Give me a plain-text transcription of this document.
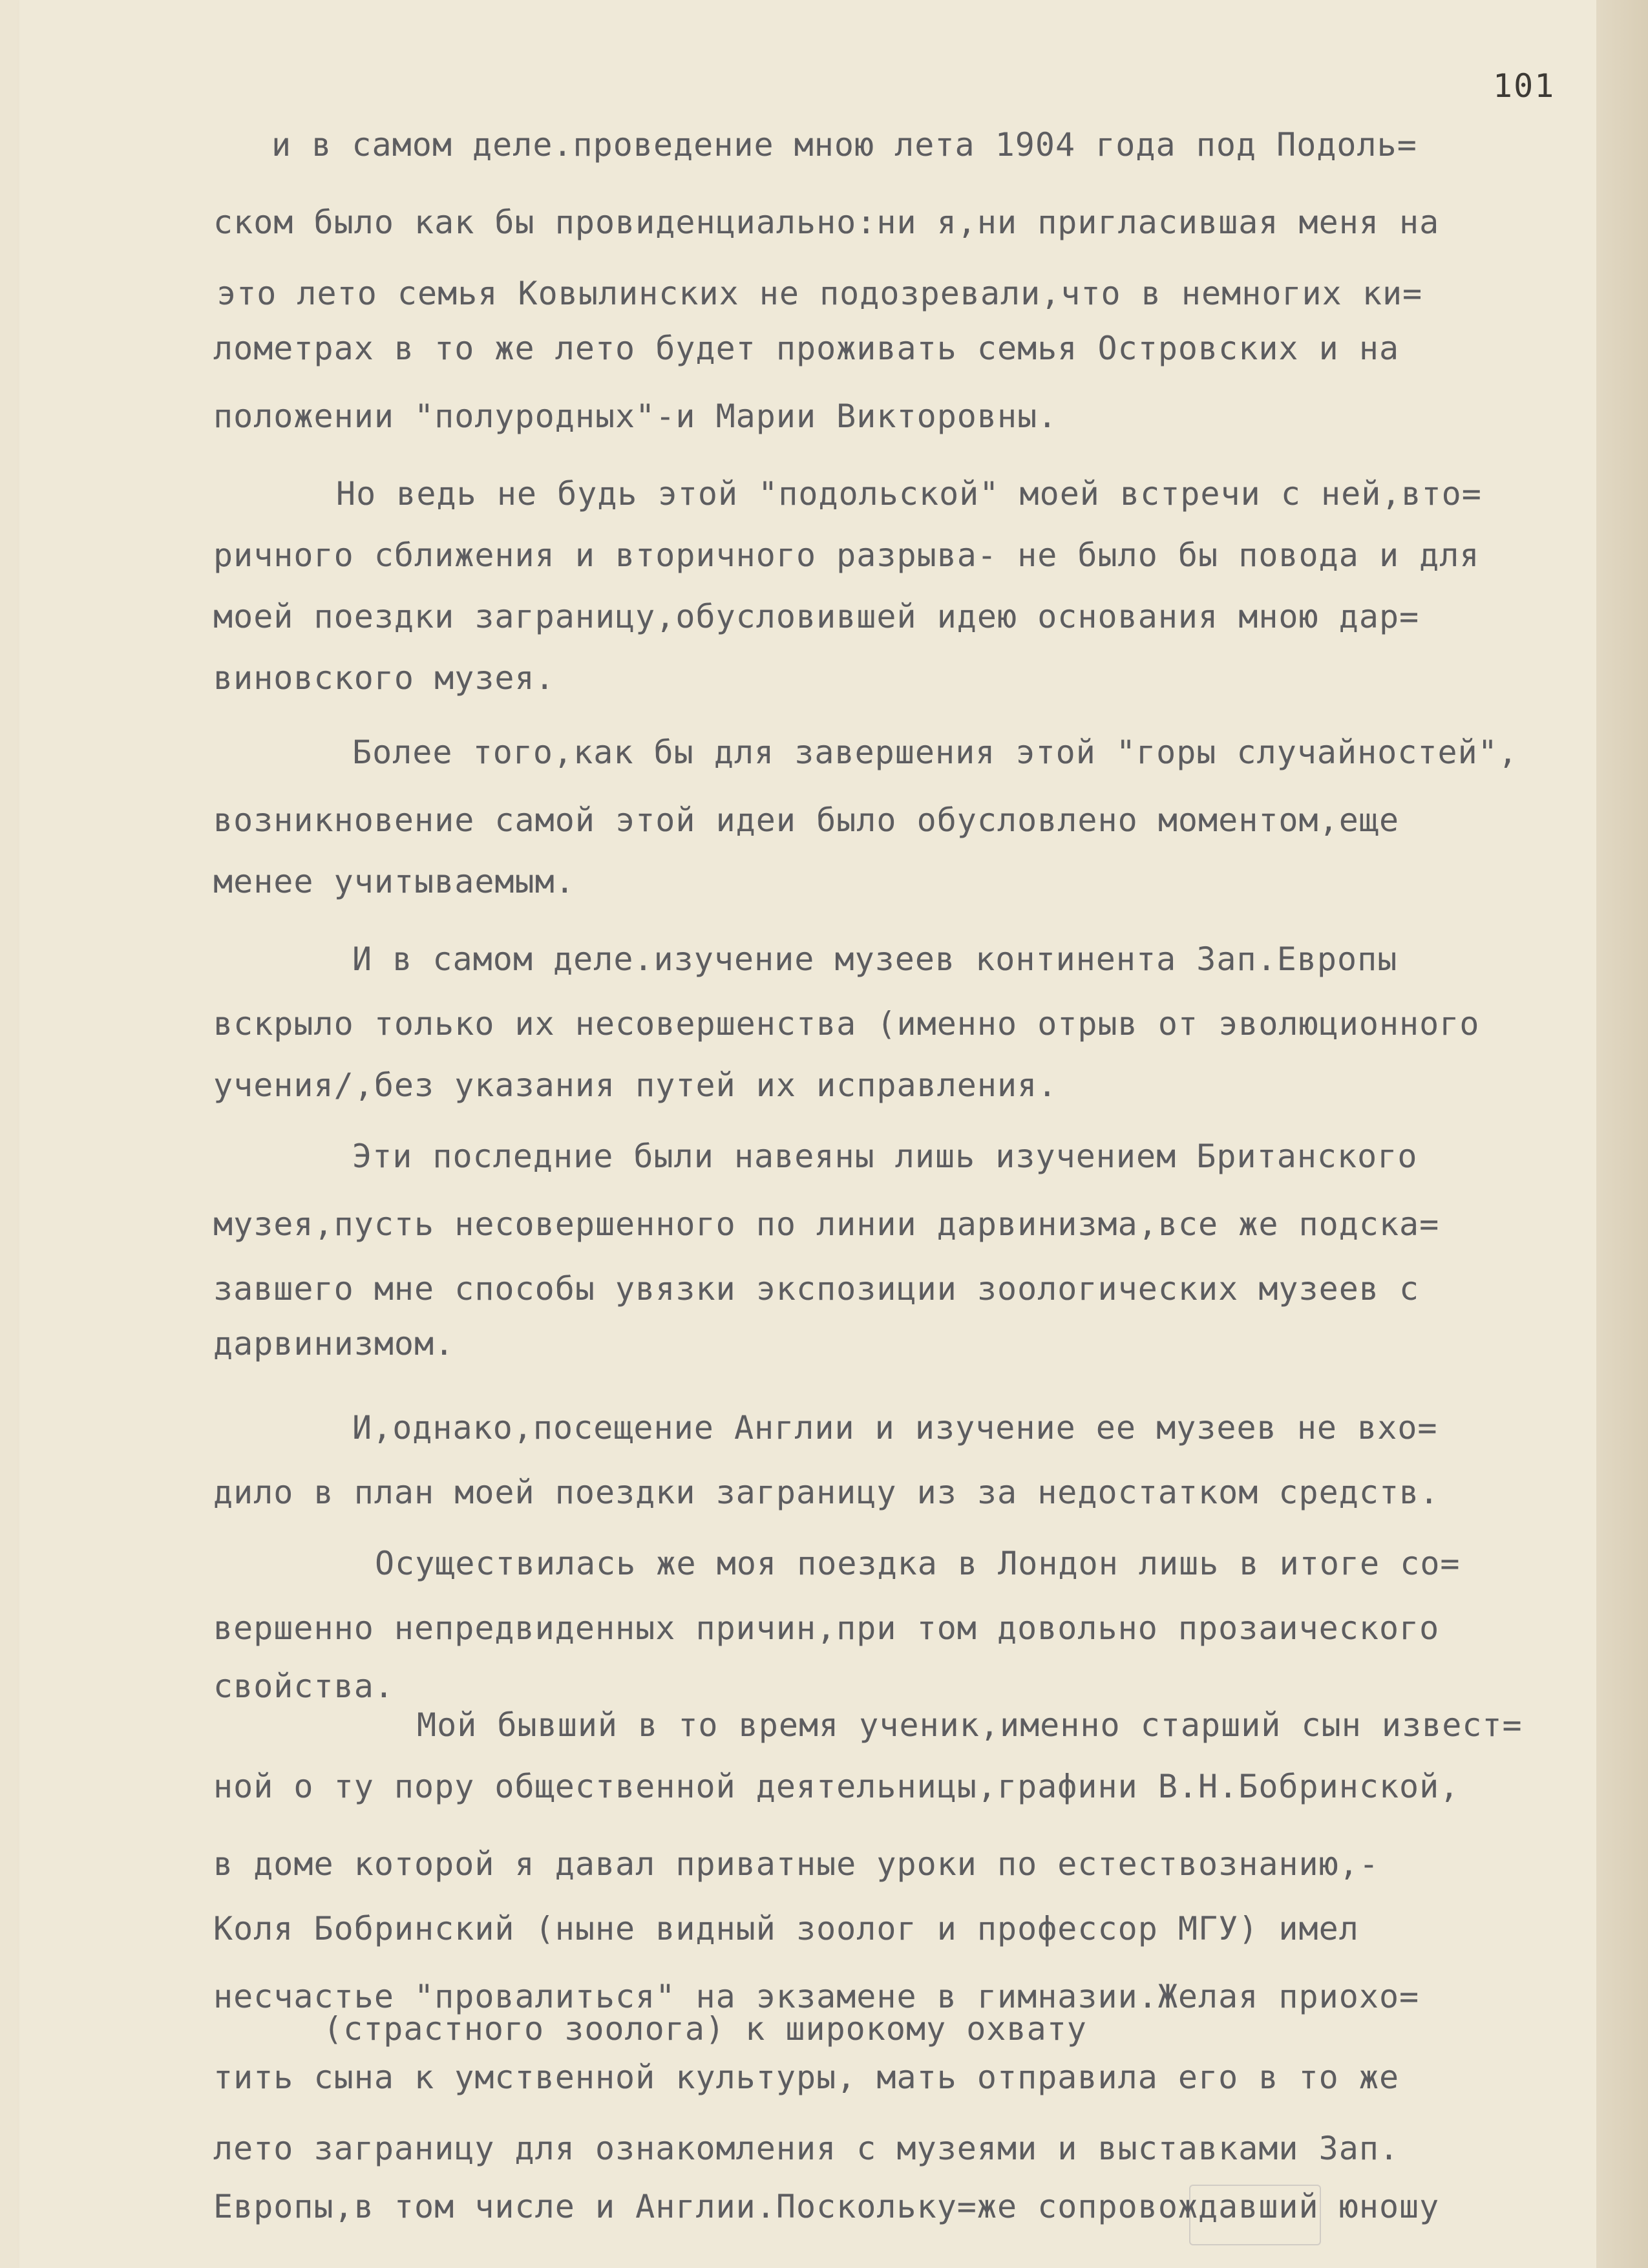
101
и в самом деле.проведение мною лета 1904 года под Подоль=
ском было как бы провиденциально:ни я,ни пригласившая меня на
это лето семья Ковылинских не подозревали,что в немногих ки=
лометрах в то же лето будет проживать семья Островских и на
положении "полуродных"-и Марии Викторовны.
Но ведь не будь этой "подольской" моей встречи с ней,вто=
ричного сближения и вторичного разрыва- не было бы повода и для
моей поездки заграницу,обусловившей идею основания мною дар=
виновского музея.
Более того,как бы для завершения этой "горы случайностей",
возникновение самой этой идеи было обусловлено моментом,еще
менее учитываемым.
И в самом деле.изучение музеев континента Зап.Европы
вскрыло только их несовершенства (именно отрыв от эволюционного
учения/,без указания путей их исправления.
Эти последние были навеяны лишь изучением Британского
музея,пусть несовершенного по линии дарвинизма,все же подска=
завшего мне способы увязки экспозиции зоологических музеев с
дарвинизмом.
И,однако,посещение Англии и изучение ее музеев не вхо=
дило в план моей поездки заграницу из за недостатком средств.
Осуществилась же моя поездка в Лондон лишь в итоге со=
вершенно непредвиденных причин,при том довольно прозаического
свойства.
Мой бывший в то время ученик,именно старший сын извест=
ной о ту пору общественной деятельницы,графини В.Н.Бобринской,
в доме которой я давал приватные уроки по естествознанию,-
Коля Бобринский (ныне видный зоолог и профессор МГУ) имел
несчастье "провалиться" на экзамене в гимназии.Желая приохо=
(страстного зоолога) к широкому охвату
тить сына к умственной культуры, мать отправила его в то же
лето заграницу для ознакомления с музеями и выставками Зап.
Европы,в том числе и Англии.Поскольку=же сопровождавший юношу
